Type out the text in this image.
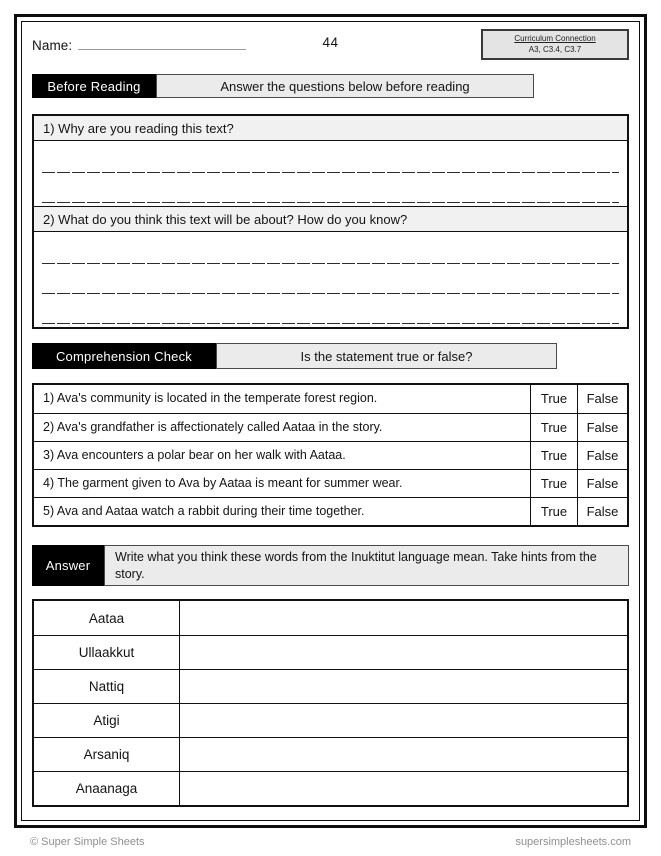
Name:	44	Curriculum Connection
A3, C3.4, C3.7
Before Reading	Answer the questions below before reading
1) Why are you reading this text?
2) What do you think this text will be about? How do you know?
Comprehension Check	Is the statement true or false?
1) Ava's community is located in the temperate forest region.	True	False
2) Ava's grandfather is affectionately called Aataa in the story.	True	False
3) Ava encounters a polar bear on her walk with Aataa.	True	False
4) The garment given to Ava by Aataa is meant for summer wear.	True	False
5) Ava and Aataa watch a rabbit during their time together.	True	False
Answer
Write what you think these words from the Inuktitut language mean. Take hints from the story.
Aataa
Ullaakkut
Nattiq
Atigi
Arsaniq
Anaanaga
© Super Simple Sheets	supersimplesheets.com
